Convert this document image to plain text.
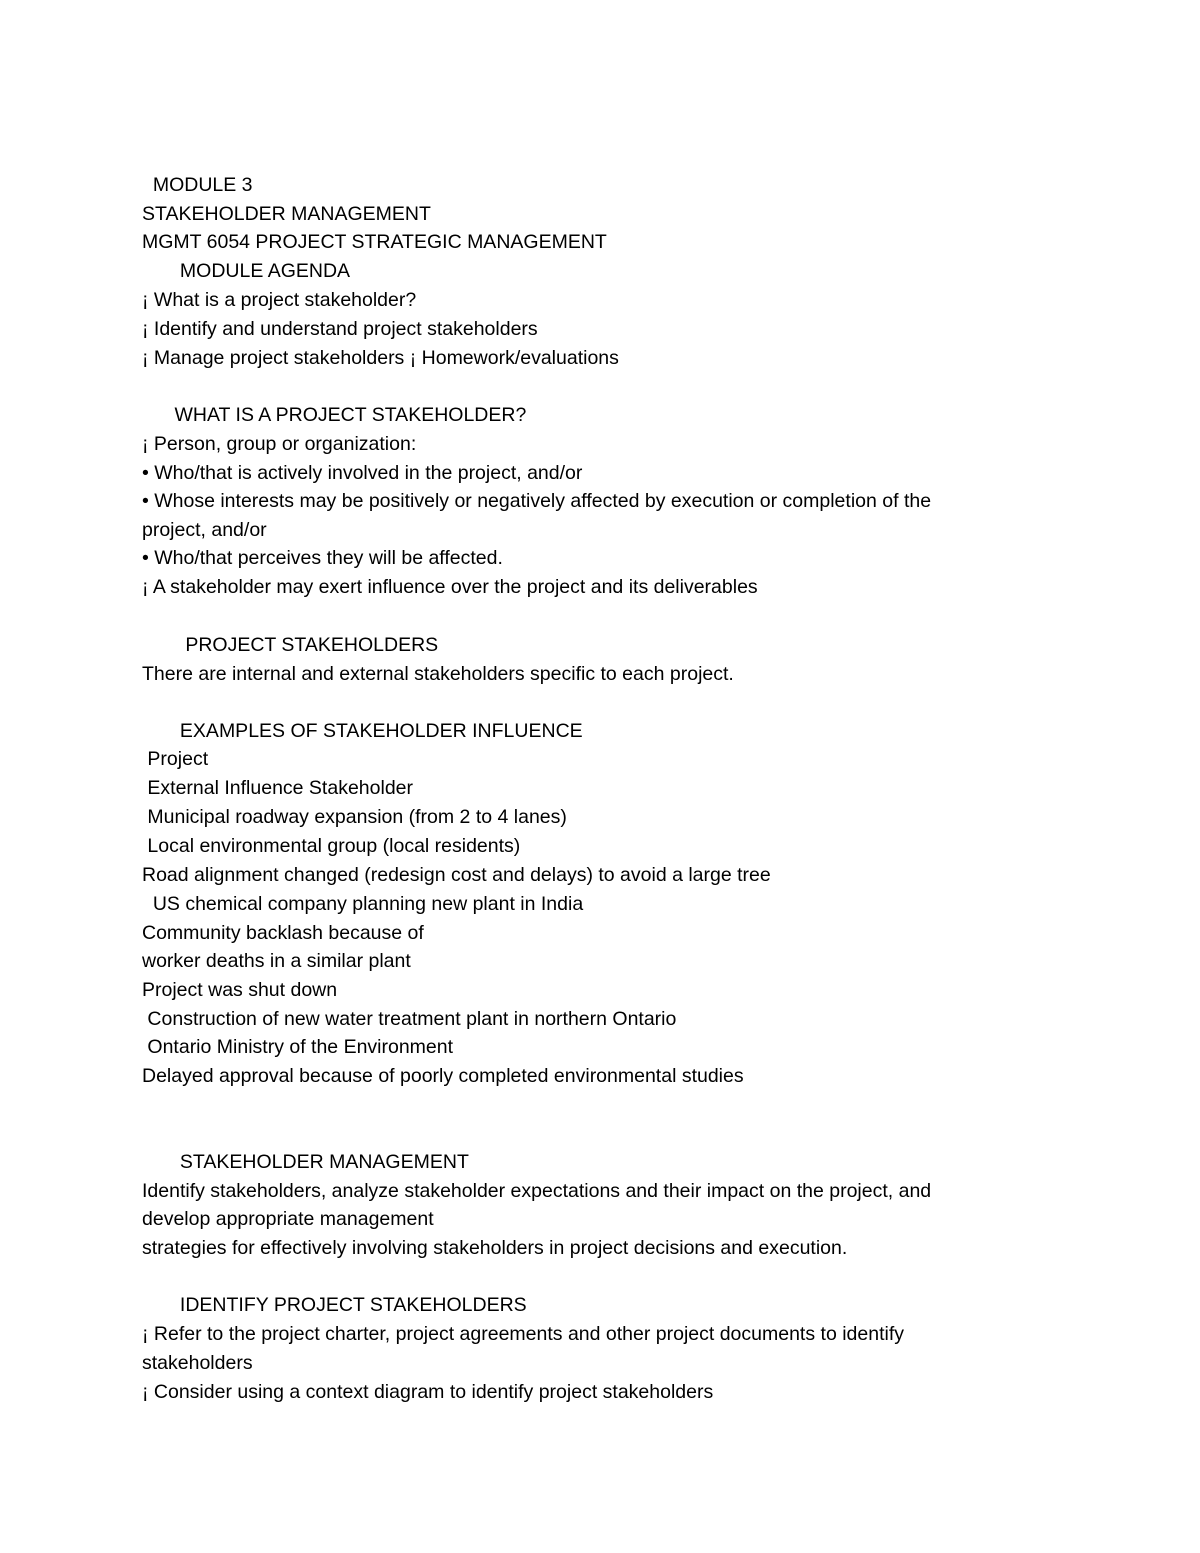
MODULE 3
STAKEHOLDER MANAGEMENT
MGMT 6054 PROJECT STRATEGIC MANAGEMENT
MODULE AGENDA
¡ What is a project stakeholder?
¡ Identify and understand project stakeholders
¡ Manage project stakeholders ¡ Homework/evaluations
WHAT IS A PROJECT STAKEHOLDER?
¡ Person, group or organization:
• Who/that is actively involved in the project, and/or
• Whose interests may be positively or negatively affected by execution or completion of the
project, and/or
• Who/that perceives they will be affected.
¡ A stakeholder may exert influence over the project and its deliverables
PROJECT STAKEHOLDERS
There are internal and external stakeholders specific to each project.
EXAMPLES OF STAKEHOLDER INFLUENCE
Project
External Influence Stakeholder
Municipal roadway expansion (from 2 to 4 lanes)
Local environmental group (local residents)
Road alignment changed (redesign cost and delays) to avoid a large tree
US chemical company planning new plant in India
Community backlash because of
worker deaths in a similar plant
Project was shut down
Construction of new water treatment plant in northern Ontario
Ontario Ministry of the Environment
Delayed approval because of poorly completed environmental studies
STAKEHOLDER MANAGEMENT
Identify stakeholders, analyze stakeholder expectations and their impact on the project, and
develop appropriate management
strategies for effectively involving stakeholders in project decisions and execution.
IDENTIFY PROJECT STAKEHOLDERS
¡ Refer to the project charter, project agreements and other project documents to identify
stakeholders
¡ Consider using a context diagram to identify project stakeholders
